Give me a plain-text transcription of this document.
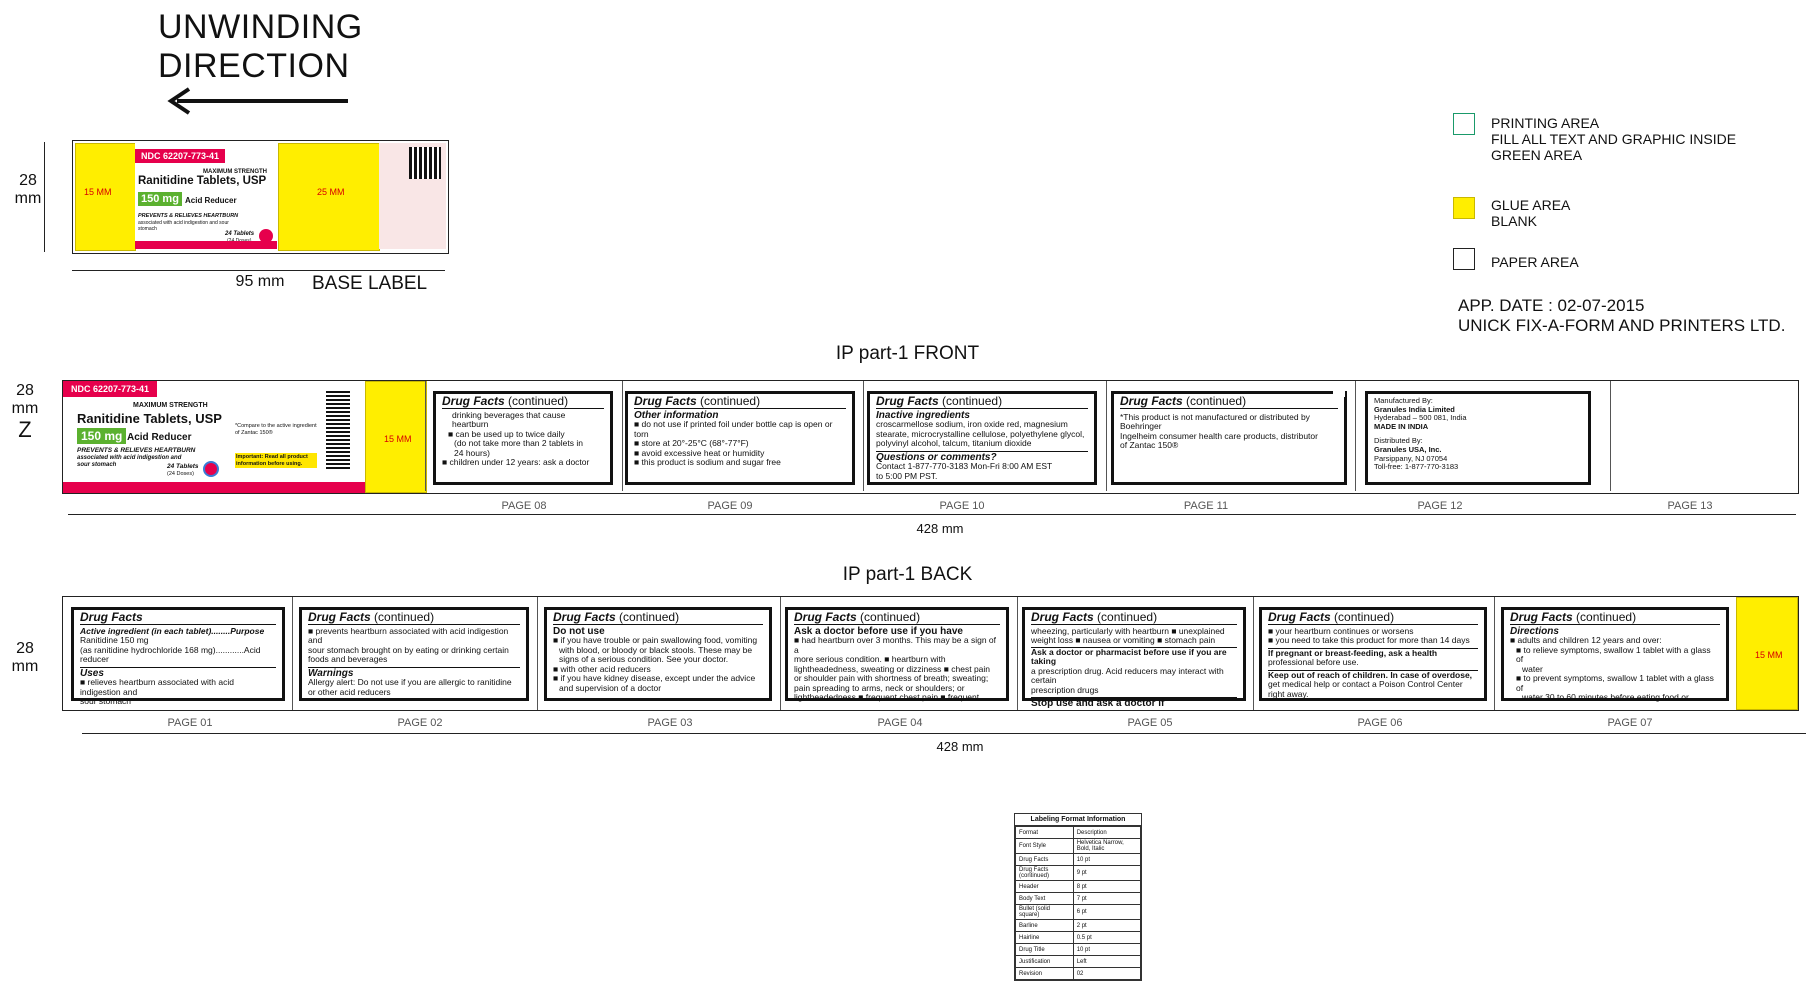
UNWINDING
DIRECTION
28
mm	15 MM
NDC 62207-773-41
MAXIMUM STRENGTH
Ranitidine Tablets, USP
150 mg Acid Reducer
PREVENTS & RELIEVES HEARTBURN
associated with acid indigestion and sour stomach
24 Tablets
25 MM
95 mm	BASE LABEL
PRINTING AREA
FILL ALL TEXT AND GRAPHIC INSIDE
GREEN AREA
GLUE AREA
BLANK
PAPER AREA
APP. DATE : 02-07-2015
UNICK FIX-A-FORM AND PRINTERS LTD.
IP part-1 FRONT
28
mm
Z
NDC 62207-773-41
MAXIMUM STRENGTH
Ranitidine Tablets, USP
150 mg Acid Reducer
PREVENTS & RELIEVES HEARTBURN
associated with acid indigestion and sour stomach	24 Tablets
(24 Doses)
*Compare to the active ingredient of Zantac 150®
Important: Read all product information before using.
15 MM
Drug Facts (continued)
drinking beverages that cause heartburn
■ can be used up to twice daily
(do not take more than 2 tablets in
24 hours)
■ children under 12 years: ask a doctor
Drug Facts (continued)
Other information
■ do not use if printed foil under bottle cap is open or torn
■ store at 20°-25°C (68°-77°F)
■ avoid excessive heat or humidity
■ this product is sodium and sugar free
Drug Facts (continued)
Inactive ingredients
croscarmellose sodium, iron oxide red, magnesium
stearate, microcrystalline cellulose, polyethylene glycol,
polyvinyl alcohol, talcum, titanium dioxide
Questions or comments?
Contact 1-877-770-3183 Mon-Fri 8:00 AM EST
to 5:00 PM PST.
Drug Facts (continued)
*This product is not manufactured or distributed by Boehringer
Ingelheim consumer health care products, distributor
of Zantac 150®
Manufactured By:
Granules India Limited
Hyderabad – 500 081, India
MADE IN INDIA
Distributed By:
Granules USA, Inc.
Parsippany, NJ 07054
Toll-free: 1-877-770-3183
PAGE 08	PAGE 09	PAGE 10	PAGE 11	PAGE 12	PAGE 13
428 mm
IP part-1 BACK
28
mm
Drug Facts
Active ingredient (in each tablet)........Purpose
Ranitidine 150 mg
(as ranitidine hydrochloride 168 mg)............Acid reducer
Uses
■ relieves heartburn associated with acid indigestion and
sour stomach
Drug Facts (continued)
■ prevents heartburn associated with acid indigestion and
sour stomach brought on by eating or drinking certain
foods and beverages
Warnings
Allergy alert: Do not use if you are allergic to ranitidine
or other acid reducers
Drug Facts (continued)
Do not use
■ if you have trouble or pain swallowing food, vomiting
with blood, or bloody or black stools. These may be
signs of a serious condition. See your doctor.
■ with other acid reducers
■ if you have kidney disease, except under the advice
and supervision of a doctor
Drug Facts (continued)
Ask a doctor before use if you have
■ had heartburn over 3 months. This may be a sign of a
more serious condition. ■ heartburn with
lightheadedness, sweating or dizziness ■ chest pain
or shoulder pain with shortness of breath; sweating;
pain spreading to arms, neck or shoulders; or
lightheadedness ■ frequent chest pain ■ frequent
Drug Facts (continued)
wheezing, particularly with heartburn ■ unexplained
weight loss ■ nausea or vomiting ■ stomach pain
Ask a doctor or pharmacist before use if you are taking
a prescription drug. Acid reducers may interact with certain
prescription drugs
Stop use and ask a doctor if
Drug Facts (continued)
■ your heartburn continues or worsens
■ you need to take this product for more than 14 days
If pregnant or breast-feeding, ask a health
professional before use.
Keep out of reach of children. In case of overdose,
get medical help or contact a Poison Control Center right away.
Drug Facts (continued)
Directions
■ adults and children 12 years and over:
■ to relieve symptoms, swallow 1 tablet with a glass of
water
■ to prevent symptoms, swallow 1 tablet with a glass of
water 30 to 60 minutes before eating food or
15 MM
PAGE 01	PAGE 02	PAGE 03	PAGE 04	PAGE 05	PAGE 06	PAGE 07
428 mm
Labeling Format Information
Format	Description
Font Style	Helvetica Narrow, Bold, Italic
Drug Facts	10 pt
Drug Facts (continued)	9 pt
Header	8 pt
Body Text	7 pt
Bullet (solid square)	6 pt
Barline	2 pt
Hairline	0.5 pt
Drug Title	10 pt
Justification	Left
Revision	02
